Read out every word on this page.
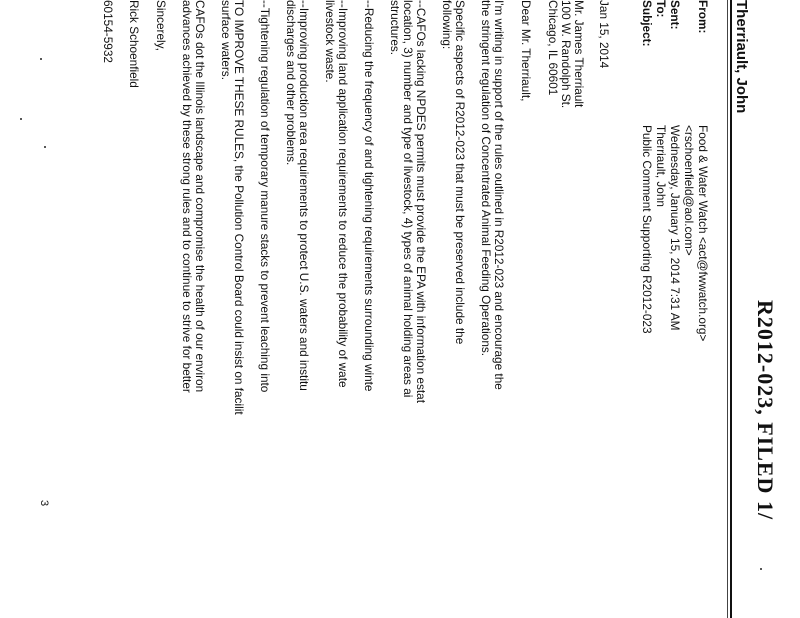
R2012-023, FILED 1/
Therriault, John
From:
Food & Water Watch <act@fwwatch.org>
<rschoenfield@aol.com>
Sent:
Wednesday, January 15, 2014 7:31 AM
To:
Therriault, John
Subject:
Public Comment Supporting R2012-023
Jan 15, 2014
Mr. James Therriault
100 W. Randolph St.
Chicago, IL 60601
Dear Mr. Therriault,
I'm writing in support of the rules outlined in R2012-023 and encourage the
the stringent regulation of Concentrated Animal Feeding Operations.
Specific aspects of R2012-023 that must be preserved include the
following:
--CAFOs lacking NPDES permits must provide the EPA with information estat
location, 3) number and type of livestock, 4) types of animal holding areas ai
structures.
--Reducing the frequency of and tightening requirements surrounding winte
--Improving land application requirements to reduce the probability of wate
livestock waste.
--Improving production area requirements to protect U.S. waters and institu
discharges and other problems.
--Tightening regulation of temporary manure stacks to prevent leaching into
TO IMPROVE THESE RULES, the Pollution Control Board could insist on facilit
surface waters.
CAFOs dot the Illinois landscape and compromise the health of our environ
advances achieved by these strong rules and to continue to strive for better
Sincerely,
Rick Schoenfield
60154-5932
3
